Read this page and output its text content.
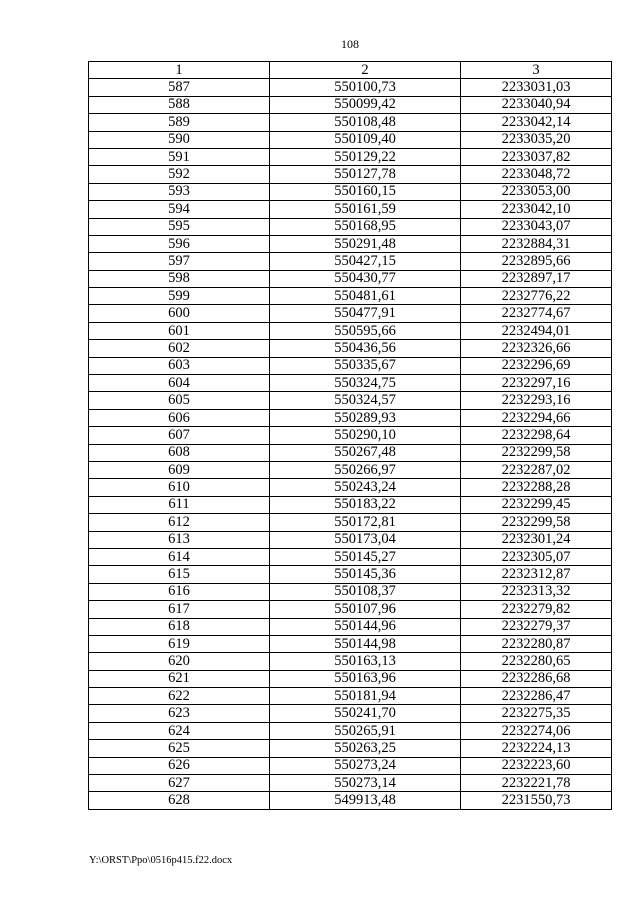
108
1	2	3
587	550100,73	2233031,03
588	550099,42	2233040,94
589	550108,48	2233042,14
590	550109,40	2233035,20
591	550129,22	2233037,82
592	550127,78	2233048,72
593	550160,15	2233053,00
594	550161,59	2233042,10
595	550168,95	2233043,07
596	550291,48	2232884,31
597	550427,15	2232895,66
598	550430,77	2232897,17
599	550481,61	2232776,22
600	550477,91	2232774,67
601	550595,66	2232494,01
602	550436,56	2232326,66
603	550335,67	2232296,69
604	550324,75	2232297,16
605	550324,57	2232293,16
606	550289,93	2232294,66
607	550290,10	2232298,64
608	550267,48	2232299,58
609	550266,97	2232287,02
610	550243,24	2232288,28
611	550183,22	2232299,45
612	550172,81	2232299,58
613	550173,04	2232301,24
614	550145,27	2232305,07
615	550145,36	2232312,87
616	550108,37	2232313,32
617	550107,96	2232279,82
618	550144,96	2232279,37
619	550144,98	2232280,87
620	550163,13	2232280,65
621	550163,96	2232286,68
622	550181,94	2232286,47
623	550241,70	2232275,35
624	550265,91	2232274,06
625	550263,25	2232224,13
626	550273,24	2232223,60
627	550273,14	2232221,78
628	549913,48	2231550,73
Y:\ORST\Ppo\0516p415.f22.docx
